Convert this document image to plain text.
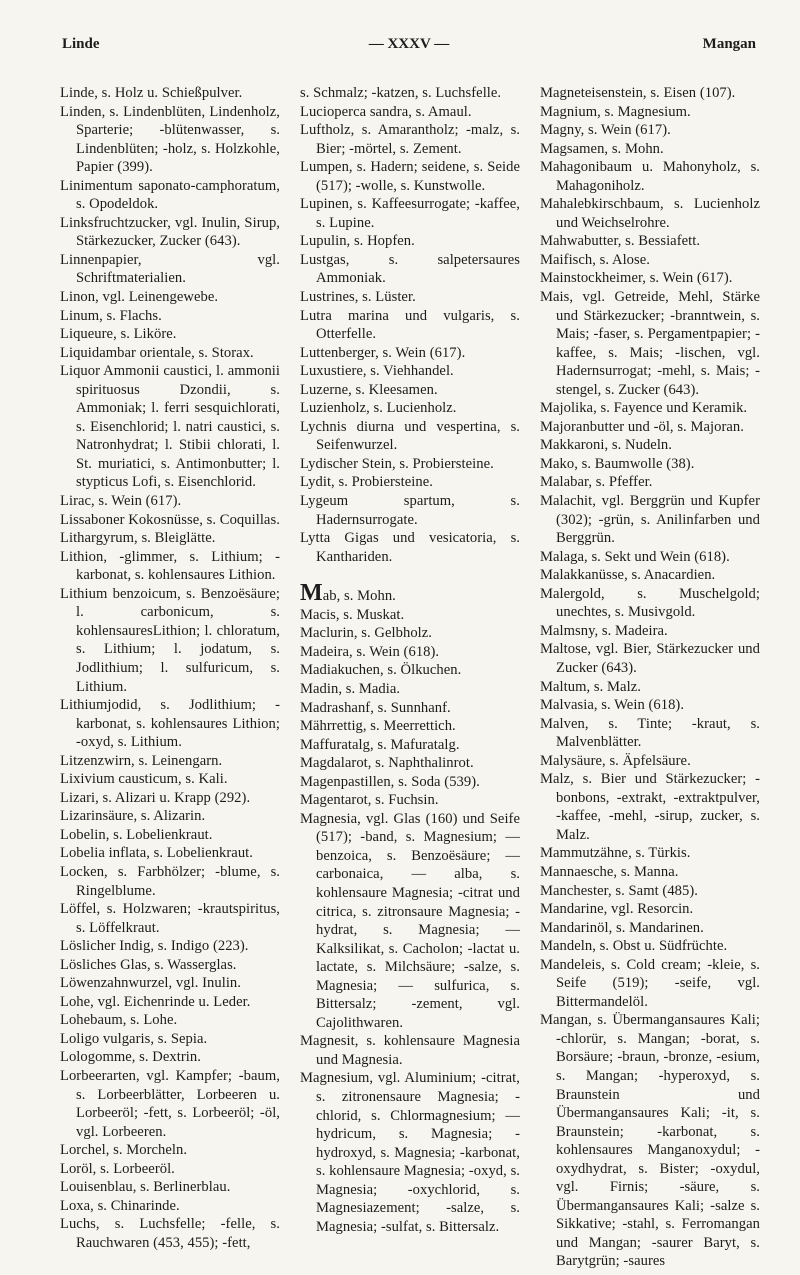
Linde	— XXXV —	Mangan
Linde, s. Holz u. Schießpulver.
Linden, s. Lindenblüten, Lindenholz, Sparterie; -blütenwasser, s. Lindenblüten; -holz, s. Holzkohle, Papier (399).
Linimentum saponato-camphoratum, s. Opodeldok.
Linksfruchtzucker, vgl. Inulin, Sirup, Stärkezucker, Zucker (643).
Linnenpapier, vgl. Schriftmaterialien.
Linon, vgl. Leinengewebe.
Linum, s. Flachs.
Liqueure, s. Liköre.
Liquidambar orientale, s. Storax.
Liquor Ammonii caustici, l. ammonii spirituosus Dzondii, s. Ammoniak; l. ferri sesquichlorati, s. Eisenchlorid; l. natri caustici, s. Natronhydrat; l. Stibii chlorati, l. St. muriatici, s. Antimonbutter; l. stypticus Lofi, s. Eisenchlorid.
Lirac, s. Wein (617).
Lissaboner Kokosnüsse, s. Coquillas.
Lithargyrum, s. Bleiglätte.
Lithion, -glimmer, s. Lithium; -karbonat, s. kohlensaures Lithion.
Lithium benzoicum, s. Benzoësäure; l. carbonicum, s. kohlensauresLithion; l. chloratum, s. Lithium; l. jodatum, s. Jodlithium; l. sulfuricum, s. Lithium.
Lithiumjodid, s. Jodlithium; -karbonat, s. kohlensaures Lithion; -oxyd, s. Lithium.
Litzenzwirn, s. Leinengarn.
Lixivium causticum, s. Kali.
Lizari, s. Alizari u. Krapp (292).
Lizarinsäure, s. Alizarin.
Lobelin, s. Lobelienkraut.
Lobelia inflata, s. Lobelienkraut.
Locken, s. Farbhölzer; -blume, s. Ringelblume.
Löffel, s. Holzwaren; -krautspiritus, s. Löffelkraut.
Löslicher Indig, s. Indigo (223).
Lösliches Glas, s. Wasserglas.
Löwenzahnwurzel, vgl. Inulin.
Lohe, vgl. Eichenrinde u. Leder.
Lohebaum, s. Lohe.
Loligo vulgaris, s. Sepia.
Lologomme, s. Dextrin.
Lorbeerarten, vgl. Kampfer; -baum, s. Lorbeerblätter, Lorbeeren u. Lorbeeröl; -fett, s. Lorbeeröl; -öl, vgl. Lorbeeren.
Lorchel, s. Morcheln.
Loröl, s. Lorbeeröl.
Louisenblau, s. Berlinerblau.
Loxa, s. Chinarinde.
Luchs, s. Luchsfelle; -felle, s. Rauchwaren (453, 455); -fett,
s. Schmalz; -katzen, s. Luchsfelle.
Lucioperca sandra, s. Amaul.
Luftholz, s. Amarantholz; -malz, s. Bier; -mörtel, s. Zement.
Lumpen, s. Hadern; seidene, s. Seide (517); -wolle, s. Kunstwolle.
Lupinen, s. Kaffeesurrogate; -kaffee, s. Lupine.
Lupulin, s. Hopfen.
Lustgas, s. salpetersaures Ammoniak.
Lustrines, s. Lüster.
Lutra marina und vulgaris, s. Otterfelle.
Luttenberger, s. Wein (617).
Luxustiere, s. Viehhandel.
Luzerne, s. Kleesamen.
Luzienholz, s. Lucienholz.
Lychnis diurna und vespertina, s. Seifenwurzel.
Lydischer Stein, s. Probiersteine.
Lydit, s. Probiersteine.
Lygeum spartum, s. Hadernsurrogate.
Lytta Gigas und vesicatoria, s. Kanthariden.
Mab, s. Mohn.
Macis, s. Muskat.
Maclurin, s. Gelbholz.
Madeira, s. Wein (618).
Madiakuchen, s. Ölkuchen.
Madin, s. Madia.
Madrashanf, s. Sunnhanf.
Mährrettig, s. Meerrettich.
Maffuratalg, s. Mafuratalg.
Magdalarot, s. Naphthalinrot.
Magenpastillen, s. Soda (539).
Magentarot, s. Fuchsin.
Magnesia, vgl. Glas (160) und Seife (517); -band, s. Magnesium; — benzoica, s. Benzoësäure; — carbonaica, — alba, s. kohlensaure Magnesia; -citrat und citrica, s. zitronsaure Magnesia; -hydrat, s. Magnesia; — Kalksilikat, s. Cacholon; -lactat u. lactate, s. Milchsäure; -salze, s. Magnesia; — sulfurica, s. Bittersalz; -zement, vgl. Cajolithwaren.
Magnesit, s. kohlensaure Magnesia und Magnesia.
Magnesium, vgl. Aluminium; -citrat, s. zitronensaure Magnesia; -chlorid, s. Chlormagnesium; — hydricum, s. Magnesia; -hydroxyd, s. Magnesia; -karbonat, s. kohlensaure Magnesia; -oxyd, s. Magnesia; -oxychlorid, s. Magnesiazement; -salze, s. Magnesia; -sulfat, s. Bittersalz.
Magneteisenstein, s. Eisen (107).
Magnium, s. Magnesium.
Magny, s. Wein (617).
Magsamen, s. Mohn.
Mahagonibaum u. Mahonyholz, s. Mahagoniholz.
Mahalebkirschbaum, s. Lucienholz und Weichselrohre.
Mahwabutter, s. Bessiafett.
Maifisch, s. Alose.
Mainstockheimer, s. Wein (617).
Mais, vgl. Getreide, Mehl, Stärke und Stärkezucker; -branntwein, s. Mais; -faser, s. Pergamentpapier; -kaffee, s. Mais; -lischen, vgl. Hadernsurrogat; -mehl, s. Mais; -stengel, s. Zucker (643).
Majolika, s. Fayence und Keramik.
Majoranbutter und -öl, s. Majoran.
Makkaroni, s. Nudeln.
Mako, s. Baumwolle (38).
Malabar, s. Pfeffer.
Malachit, vgl. Berggrün und Kupfer (302); -grün, s. Anilinfarben und Berggrün.
Malaga, s. Sekt und Wein (618).
Malakkanüsse, s. Anacardien.
Malergold, s. Muschelgold; unechtes, s. Musivgold.
Malmsny, s. Madeira.
Maltose, vgl. Bier, Stärkezucker und Zucker (643).
Maltum, s. Malz.
Malvasia, s. Wein (618).
Malven, s. Tinte; -kraut, s. Malvenblätter.
Malysäure, s. Äpfelsäure.
Malz, s. Bier und Stärkezucker; -bonbons, -extrakt, -extraktpulver, -kaffee, -mehl, -sirup, zucker, s. Malz.
Mammutzähne, s. Türkis.
Mannaesche, s. Manna.
Manchester, s. Samt (485).
Mandarine, vgl. Resorcin.
Mandarinöl, s. Mandarinen.
Mandeln, s. Obst u. Südfrüchte.
Mandeleis, s. Cold cream; -kleie, s. Seife (519); -seife, vgl. Bittermandelöl.
Mangan, s. Übermangansaures Kali; -chlorür, s. Mangan; -borat, s. Borsäure; -braun, -bronze, -esium, s. Mangan; -hyperoxyd, s. Braunstein und Übermangansaures Kali; -it, s. Braunstein; -karbonat, s. kohlensaures Manganoxydul; -oxydhydrat, s. Bister; -oxydul, vgl. Firnis; -säure, s. Übermangansaures Kali; -salze s. Sikkative; -stahl, s. Ferromangan und Mangan; -saurer Baryt, s. Barytgrün; -saures
